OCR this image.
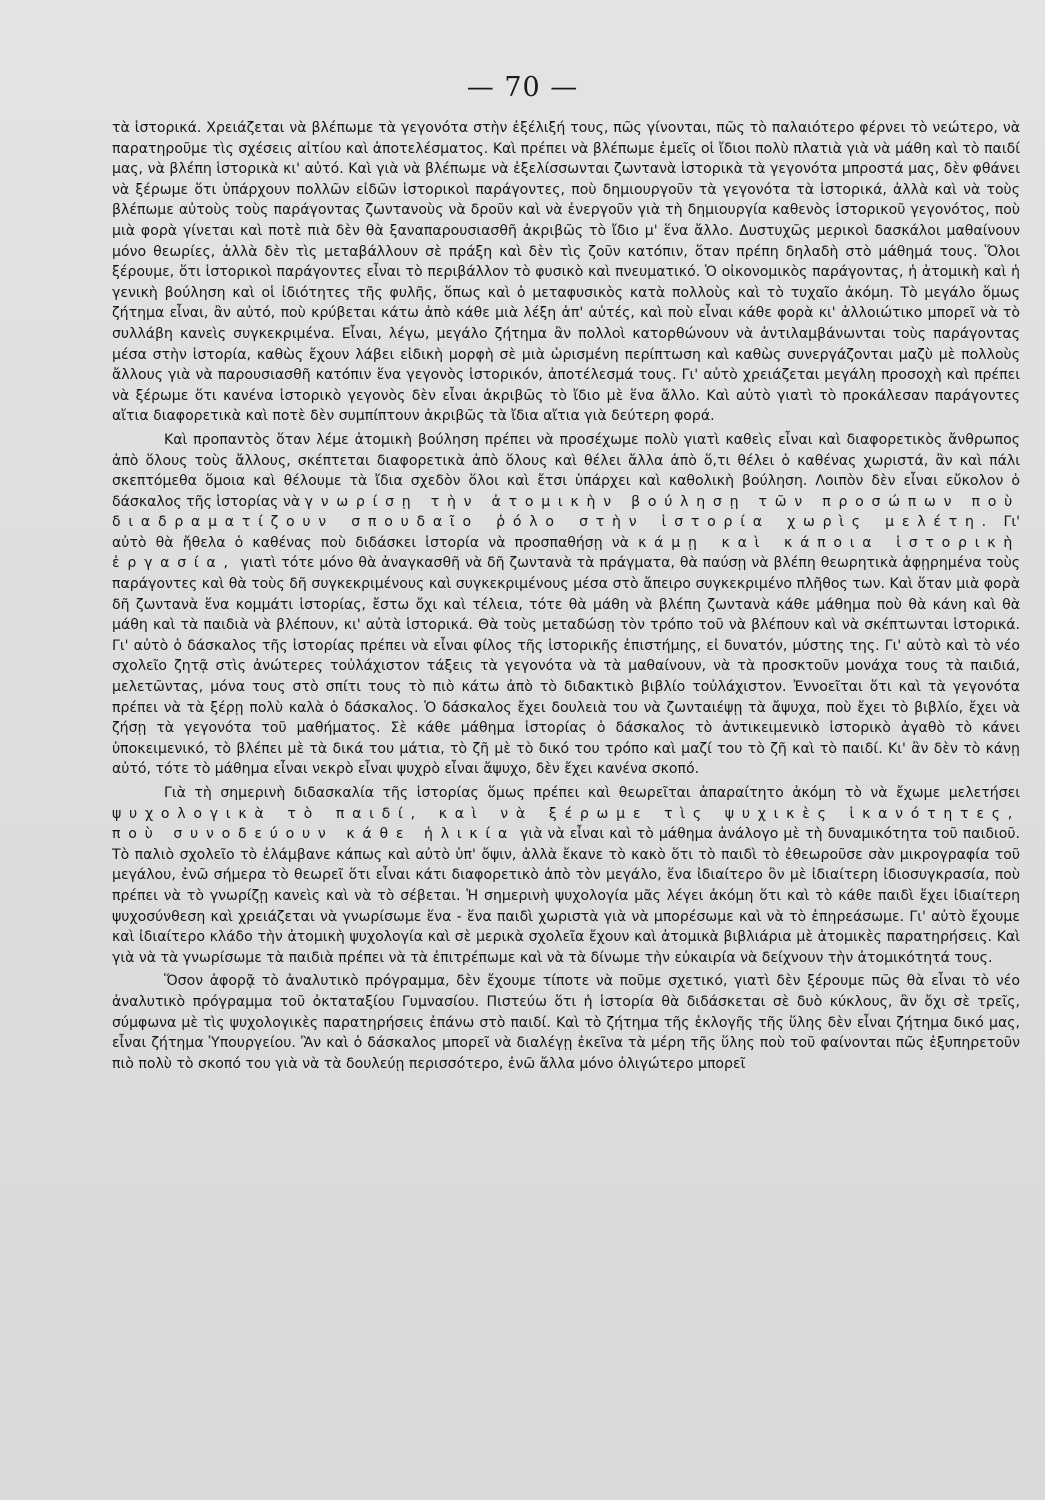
— 70 —

τὰ ἱστορικά. Χρειάζεται νὰ βλέπωμε τὰ γεγονότα στὴν ἐξέλιξή τους, πῶς γίνονται, πῶς τὸ παλαιότερο φέρνει τὸ νεώτερο, νὰ παρατηροῦμε τὶς σχέσεις αἰτίου καὶ ἀποτελέσματος. Καὶ πρέπει νὰ βλέπωμε ἐμεῖς οἱ ἴδιοι πολὺ πλατιὰ γιὰ νὰ μάθη καὶ τὸ παιδί μας, νὰ βλέπη ἱστορικὰ κι' αὐτό. Καὶ γιὰ νὰ βλέπωμε νὰ ἐξελίσσωνται ζωντανὰ ἱστορικὰ τὰ γεγονότα μπροστά μας, δὲν φθάνει νὰ ξέρωμε ὅτι ὑπάρχουν πολλῶν εἰδῶν ἱστορικοὶ παράγοντες, ποὺ δημιουργοῦν τὰ γεγονότα τὰ ἱστορικά, ἀλλὰ καὶ νὰ τοὺς βλέπωμε αὐτοὺς τοὺς παράγοντας ζωντανοὺς νὰ δροῦν καὶ νὰ ἐνεργοῦν γιὰ τὴ δημιουργία καθενὸς ἱστορικοῦ γεγονότος, ποὺ μιὰ φορὰ γίνεται καὶ ποτὲ πιὰ δὲν θὰ ξαναπαρουσιασθῆ ἀκριβῶς τὸ ἴδιο μ' ἕνα ἄλλο. Δυστυχῶς μερικοὶ δασκάλοι μαθαίνουν μόνο θεωρίες, ἀλλὰ δὲν τὶς μεταβάλλουν σὲ πράξη καὶ δὲν τὶς ζοῦν κατόπιν, ὅταν πρέπη δηλαδὴ στὸ μάθημά τους. Ὅλοι ξέρουμε, ὅτι ἱστορικοὶ παράγοντες εἶναι τὸ περιβάλλον τὸ φυσικὸ καὶ πνευματικό. Ὁ οἰκονομικὸς παράγοντας, ἡ ἀτομικὴ καὶ ἡ γενικὴ βούληση καὶ οἱ ἰδιότητες τῆς φυλῆς, ὅπως καὶ ὁ μεταφυσικὸς κατὰ πολλοὺς καὶ τὸ τυχαῖο ἀκόμη. Τὸ μεγάλο ὅμως ζήτημα εἶναι, ἂν αὐτό, ποὺ κρύβεται κάτω ἀπὸ κάθε μιὰ λέξη ἀπ' αὐτές, καὶ ποὺ εἶναι κάθε φορὰ κι' ἀλλοιώτικο μπορεῖ νὰ τὸ συλλάβη κανεὶς συγκεκριμένα. Εἶναι, λέγω, μεγάλο ζήτημα ἂν πολλοὶ κατορθώνουν νὰ ἀντιλαμβάνωνται τοὺς παράγοντας μέσα στὴν ἱστορία, καθὼς ἔχουν λάβει εἰδικὴ μορφὴ σὲ μιὰ ὡρισμένη περίπτωση καὶ καθὼς συνεργάζονται μαζὺ μὲ πολλοὺς ἄλλους γιὰ νὰ παρουσιασθῆ κατόπιν ἕνα γεγονὸς ἱστορικόν, ἀποτέλεσμά τους. Γι' αὐτὸ χρειάζεται μεγάλη προσοχὴ καὶ πρέπει νὰ ξέρωμε ὅτι κανένα ἱστορικὸ γεγονὸς δὲν εἶναι ἀκριβῶς τὸ ἴδιο μὲ ἕνα ἄλλο. Καὶ αὐτὸ γιατὶ τὸ προκάλεσαν παράγοντες αἴτια διαφορετικὰ καὶ ποτὲ δὲν συμπίπτουν ἀκριβῶς τὰ ἴδια αἴτια γιὰ δεύτερη φορά.

Καὶ προπαντὸς ὅταν λέμε ἀτομικὴ βούληση πρέπει νὰ προσέχωμε πολὺ γιατὶ καθεὶς εἶναι καὶ διαφορετικὸς ἄνθρωπος ἀπὸ ὅλους τοὺς ἄλλους, σκέπτεται διαφορετικὰ ἀπὸ ὅλους καὶ θέλει ἄλλα ἀπὸ ὅ,τι θέλει ὁ καθένας χωριστά, ἂν καὶ πάλι σκεπτόμεθα ὅμοια καὶ θέλουμε τὰ ἴδια σχεδὸν ὅλοι καὶ ἔτσι ὑπάρχει καὶ καθολικὴ βούληση. Λοιπὸν δὲν εἶναι εὔκολον ὁ δάσκαλος τῆς ἱστορίας νὰ γνωρίσῃ τὴν ἀτομικὴν βούλησῃ τῶν προσώπων ποὺ διαδραματίζουν σπουδαῖο ῥόλο στὴν ἱστορία χωρὶς μελέτη. Γι' αὐτὸ θὰ ἤθελα ὁ καθένας ποὺ διδάσκει ἱστορία νὰ προσπαθήσῃ νὰ κάμῃ καὶ κάποια ἱστορικὴ ἐργασία, γιατὶ τότε μόνο θὰ ἀναγκασθῆ νὰ δῆ ζωντανὰ τὰ πράγματα, θὰ παύσῃ νὰ βλέπη θεωρητικὰ ἀφῃρημένα τοὺς παράγοντες καὶ θὰ τοὺς δῆ συγκεκριμένους καὶ συγκεκριμένους μέσα στὸ ἄπειρο συγκεκριμένο πλῆθος των. Καὶ ὅταν μιὰ φορὰ δῆ ζωντανὰ ἕνα κομμάτι ἱστορίας, ἔστω ὄχι καὶ τέλεια, τότε θὰ μάθη νὰ βλέπη ζωντανὰ κάθε μάθημα ποὺ θὰ κάνη καὶ θὰ μάθη καὶ τὰ παιδιὰ νὰ βλέπουν, κι' αὐτὰ ἱστορικά. Θὰ τοὺς μεταδώσῃ τὸν τρόπο τοῦ νὰ βλέπουν καὶ νὰ σκέπτωνται ἱστορικά. Γι' αὐτὸ ὁ δάσκαλος τῆς ἱστορίας πρέπει νὰ εἶναι φίλος τῆς ἱστορικῆς ἐπιστήμης, εἰ δυνατόν, μύστης της. Γι' αὐτὸ καὶ τὸ νέο σχολεῖο ζητᾷ στὶς ἀνώτερες τοὐλάχιστον τάξεις τὰ γεγονότα νὰ τὰ μαθαίνουν, νὰ τὰ προσκτοῦν μονάχα τους τὰ παιδιά, μελετῶντας, μόνα τους στὸ σπίτι τους τὸ πιὸ κάτω ἀπὸ τὸ διδακτικὸ βιβλίο τοὐλάχιστον. Ἐννοεῖται ὅτι καὶ τὰ γεγονότα πρέπει νὰ τὰ ξέρῃ πολὺ καλὰ ὁ δάσκαλος. Ὁ δάσκαλος ἔχει δουλειὰ του νὰ ζωνταιέψῃ τὰ ἄψυχα, ποὺ ἔχει τὸ βιβλίο, ἔχει νὰ ζήσῃ τὰ γεγονότα τοῦ μαθήματος. Σὲ κάθε μάθημα ἱστορίας ὁ δάσκαλος τὸ ἀντικειμενικὸ ἱστορικὸ ἀγαθὸ τὸ κάνει ὑποκειμενικό, τὸ βλέπει μὲ τὰ δικά του μάτια, τὸ ζῆ μὲ τὸ δικό του τρόπο καὶ μαζί του τὸ ζῆ καὶ τὸ παιδί. Κι' ἂν δὲν τὸ κάνῃ αὐτό, τότε τὸ μάθημα εἶναι νεκρὸ εἶναι ψυχρὸ εἶναι ἄψυχο, δὲν ἔχει κανένα σκοπό.

Γιὰ τὴ σημερινὴ διδασκαλία τῆς ἱστορίας ὅμως πρέπει καὶ θεωρεῖται ἀπαραίτητο ἀκόμη τὸ νὰ ἔχωμε μελετήσει ψυχολογικὰ τὸ παιδί, καὶ νὰ ξέρωμε τὶς ψυχικὲς ἱκανότητες, ποὺ συνοδεύουν κάθε ἡλικία γιὰ νὰ εἶναι καὶ τὸ μάθημα ἀνάλογο μὲ τὴ δυναμικότητα τοῦ παιδιοῦ. Τὸ παλιὸ σχολεῖο τὸ ἐλάμβανε κάπως καὶ αὐτὸ ὑπ' ὄψιν, ἀλλὰ ἔκανε τὸ κακὸ ὅτι τὸ παιδὶ τὸ ἐθεωροῦσε σὰν μικρογραφία τοῦ μεγάλου, ἐνῶ σήμερα τὸ θεωρεῖ ὅτι εἶναι κάτι διαφορετικὸ ἀπὸ τὸν μεγάλο, ἕνα ἰδιαίτερο ὂν μὲ ἰδιαίτερη ἰδιοσυγκρασία, ποὺ πρέπει νὰ τὸ γνωρίζῃ κανεὶς καὶ νὰ τὸ σέβεται. Ἡ σημερινὴ ψυχολογία μᾶς λέγει ἀκόμη ὅτι καὶ τὸ κάθε παιδὶ ἔχει ἰδιαίτερη ψυχοσύνθεση καὶ χρειάζεται νὰ γνωρίσωμε ἕνα - ἕνα παιδὶ χωριστὰ γιὰ νὰ μπορέσωμε καὶ νὰ τὸ ἐπηρεάσωμε. Γι' αὐτὸ ἔχουμε καὶ ἰδιαίτερο κλάδο τὴν ἀτομικὴ ψυχολογία καὶ σὲ μερικὰ σχολεῖα ἔχουν καὶ ἀτομικὰ βιβλιάρια μὲ ἀτομικὲς παρατηρήσεις. Καὶ γιὰ νὰ τὰ γνωρίσωμε τὰ παιδιὰ πρέπει νὰ τὰ ἐπιτρέπωμε καὶ νὰ τὰ δίνωμε τὴν εὐκαιρία νὰ δείχνουν τὴν ἀτομικότητά τους.

Ὅσον ἀφορᾷ τὸ ἀναλυτικὸ πρόγραμμα, δὲν ἔχουμε τίποτε νὰ ποῦμε σχετικό, γιατὶ δὲν ξέρουμε πῶς θὰ εἶναι τὸ νέο ἀναλυτικὸ πρόγραμμα τοῦ ὀκταταξίου Γυμνασίου. Πιστεύω ὅτι ἡ ἱστορία θὰ διδάσκεται σὲ δυὸ κύκλους, ἂν ὄχι σὲ τρεῖς, σύμφωνα μὲ τὶς ψυχολογικὲς παρατηρήσεις ἐπάνω στὸ παιδί. Καὶ τὸ ζήτημα τῆς ἐκλογῆς τῆς ὕλης δὲν εἶναι ζήτημα δικό μας, εἶναι ζήτημα Ὑπουργείου. Ἂν καὶ ὁ δάσκαλος μπορεῖ νὰ διαλέγῃ ἐκεῖνα τὰ μέρη τῆς ὕλης ποὺ τοῦ φαίνονται πῶς ἐξυπηρετοῦν πιὸ πολὺ τὸ σκοπό του γιὰ νὰ τὰ δουλεύῃ περισσότερο, ἐνῶ ἄλλα μόνο ὀλιγώτερο μπορεῖ
